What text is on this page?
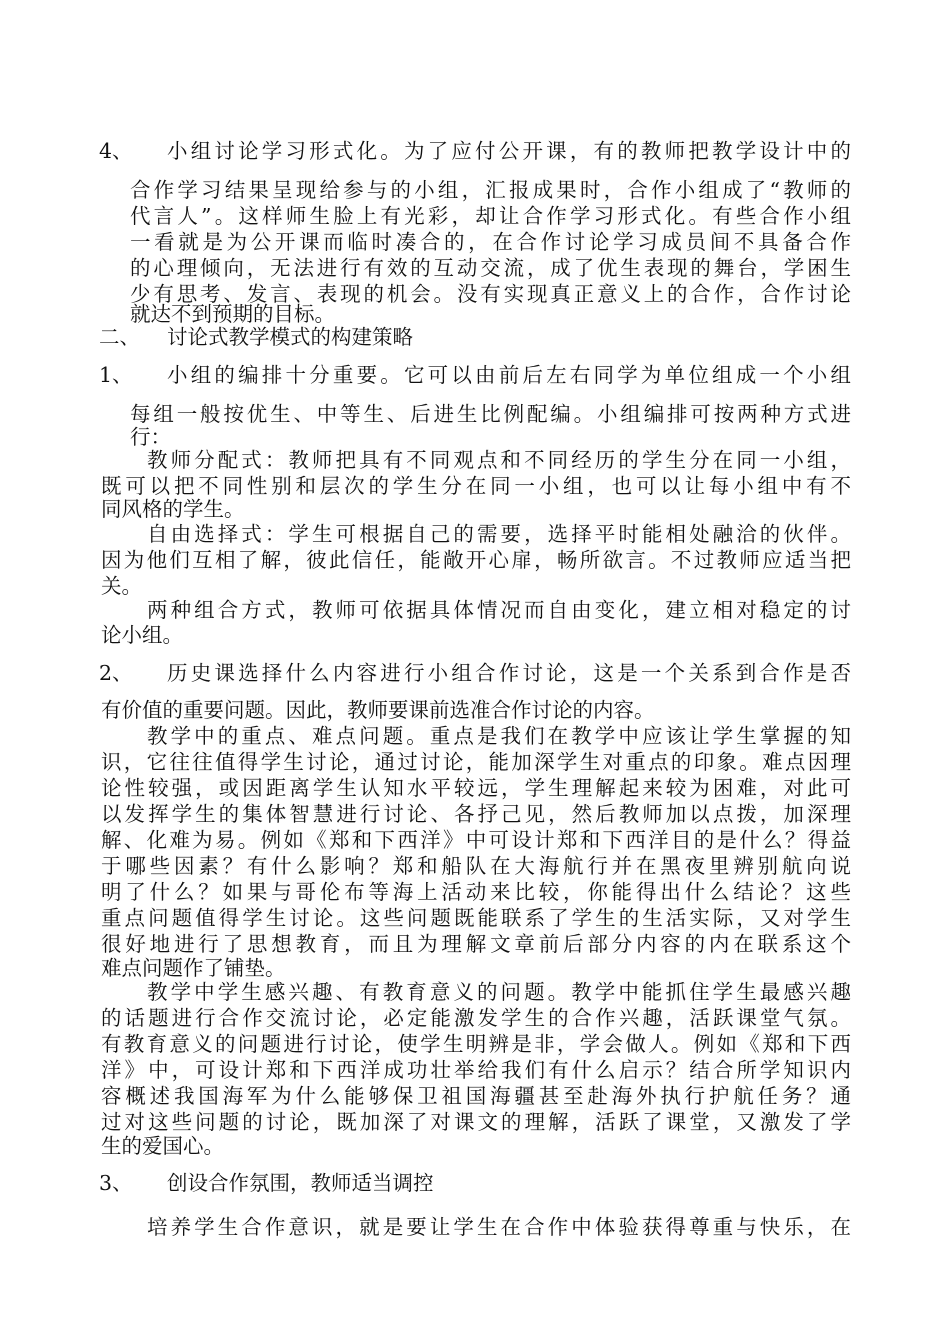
4、 小组讨论学习形式化。为了应付公开课，有的教师把教学设计中的
合作学习结果呈现给参与的小组，汇报成果时，合作小组成了“教师的
代言人”。这样师生脸上有光彩，却让合作学习形式化。有些合作小组
一看就是为公开课而临时凑合的，在合作讨论学习成员间不具备合作
的心理倾向，无法进行有效的互动交流，成了优生表现的舞台，学困生
少有思考、发言、表现的机会。没有实现真正意义上的合作，合作讨论
就达不到预期的目标。
二、 讨论式教学模式的构建策略
1、 小组的编排十分重要。它可以由前后左右同学为单位组成一个小组
每组一般按优生、中等生、后进生比例配编。小组编排可按两种方式进
行：
教师分配式：教师把具有不同观点和不同经历的学生分在同一小组，
既可以把不同性别和层次的学生分在同一小组，也可以让每小组中有不
同风格的学生。
自由选择式：学生可根据自己的需要，选择平时能相处融洽的伙伴。
因为他们互相了解，彼此信任，能敞开心扉，畅所欲言。不过教师应适当把
关。
两种组合方式，教师可依据具体情况而自由变化，建立相对稳定的讨
论小组。
2、 历史课选择什么内容进行小组合作讨论，这是一个关系到合作是否
有价值的重要问题。因此，教师要课前选准合作讨论的内容。
教学中的重点、难点问题。重点是我们在教学中应该让学生掌握的知
识，它往往值得学生讨论，通过讨论，能加深学生对重点的印象。难点因理
论性较强，或因距离学生认知水平较远，学生理解起来较为困难，对此可
以发挥学生的集体智慧进行讨论、各抒己见，然后教师加以点拨，加深理
解、化难为易。例如《郑和下西洋》中可设计郑和下西洋目的是什么？得益
于哪些因素？有什么影响？郑和船队在大海航行并在黑夜里辨别航向说
明了什么？如果与哥伦布等海上活动来比较，你能得出什么结论？这些
重点问题值得学生讨论。这些问题既能联系了学生的生活实际，又对学生
很好地进行了思想教育，而且为理解文章前后部分内容的内在联系这个
难点问题作了铺垫。
教学中学生感兴趣、有教育意义的问题。教学中能抓住学生最感兴趣
的话题进行合作交流讨论，必定能激发学生的合作兴趣，活跃课堂气氛。
有教育意义的问题进行讨论，使学生明辨是非，学会做人。例如《郑和下西
洋》中，可设计郑和下西洋成功壮举给我们有什么启示？结合所学知识内
容概述我国海军为什么能够保卫祖国海疆甚至赴海外执行护航任务？通
过对这些问题的讨论，既加深了对课文的理解，活跃了课堂，又激发了学
生的爱国心。
3、 创设合作氛围，教师适当调控
培养学生合作意识，就是要让学生在合作中体验获得尊重与快乐，在
